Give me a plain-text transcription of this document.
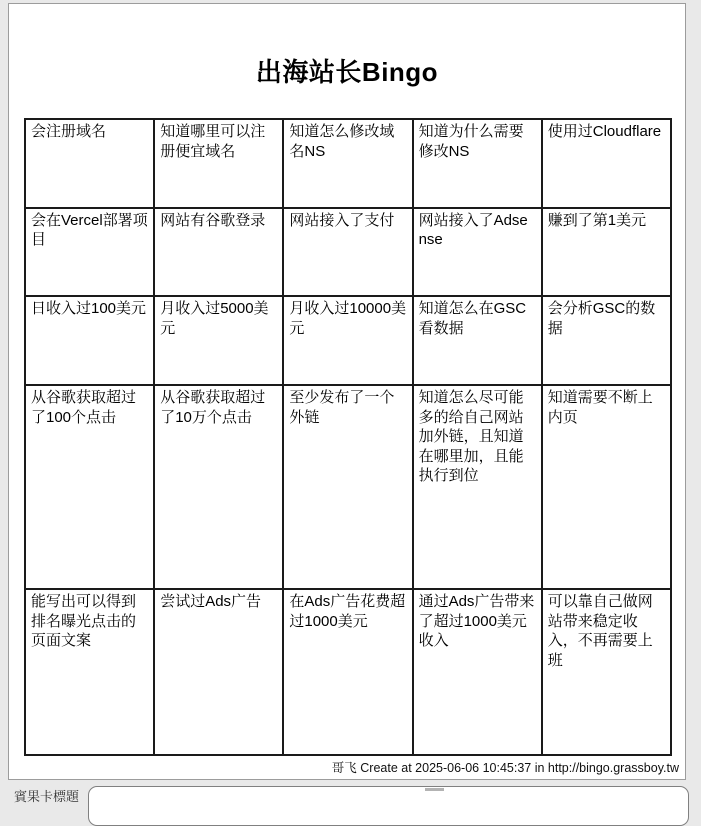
出海站长Bingo
会注册域名	知道哪里可以注册便宜域名	知道怎么修改域名NS	知道为什么需要修改NS	使用过Cloudflare
会在Vercel部署项目	网站有谷歌登录	网站接入了支付	网站接入了Adsense	赚到了第1美元
日收入过100美元	月收入过5000美元	月收入过10000美元	知道怎么在GSC看数据	会分析GSC的数据
从谷歌获取超过了100个点击	从谷歌获取超过了10万个点击	至少发布了一个外链	知道怎么尽可能多的给自己网站加外链，且知道在哪里加，且能执行到位	知道需要不断上内页
能写出可以得到排名曝光点击的页面文案	尝试过Ads广告	在Ads广告花费超过1000美元	通过Ads广告带来了超过1000美元收入	可以靠自己做网站带来稳定收入，不再需要上班
哥飞 Create at 2025-06-06 10:45:37 in http://bingo.grassboy.tw
賓果卡標題
